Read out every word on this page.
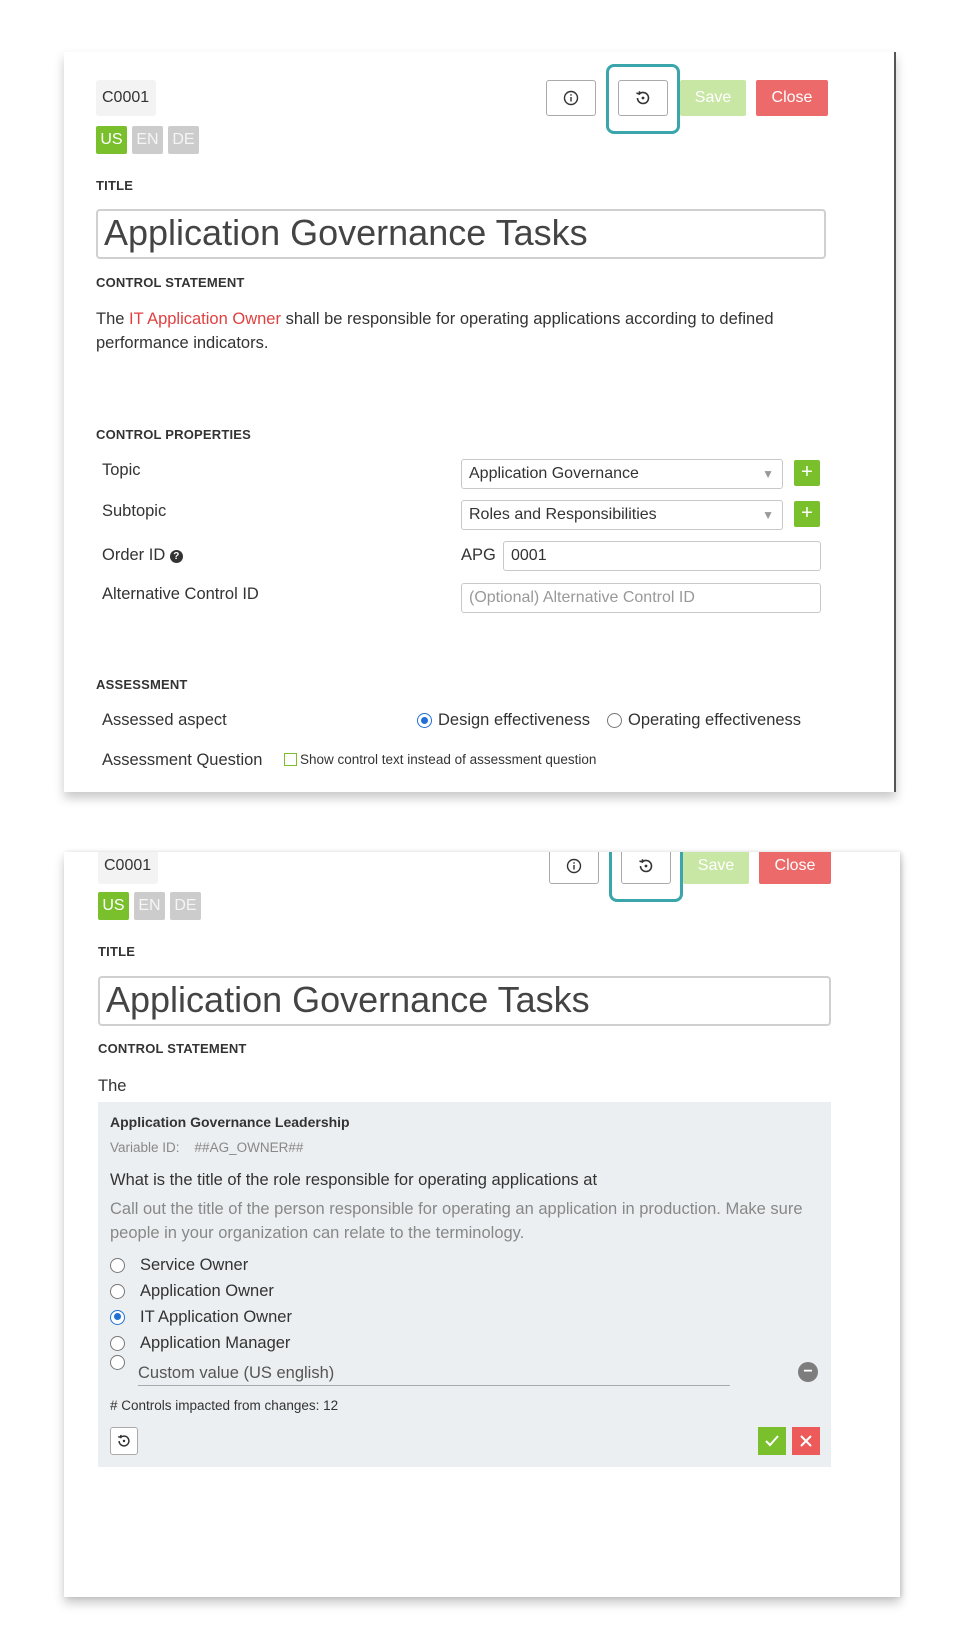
C0001
US EN DE
Save	Close
TITLE
Application Governance Tasks
CONTROL STATEMENT
The IT Application Owner shall be responsible for operating applications according to defined performance indicators.
CONTROL PROPERTIES
Topic	Application Governance	▼	+
Subtopic	Roles and Responsibilities	▼	+
Order ID ?	APG 0001
Alternative Control ID	(Optional) Alternative Control ID
ASSESSMENT
Assessed aspect	Design effectiveness Operating effectiveness
Assessment Question	Show control text instead of assessment question
C0001
US EN DE
Save	Close
TITLE
Application Governance Tasks
CONTROL STATEMENT
The
Application Governance Leadership
Variable ID: ##AG_OWNER##
What is the title of the role responsible for operating applications at
Call out the title of the person responsible for operating an application in production. Make sure people in your organization can relate to the terminology.
Service Owner
Application Owner
IT Application Owner
Application Manager
Custom value (US english)	−
# Controls impacted from changes: 12
